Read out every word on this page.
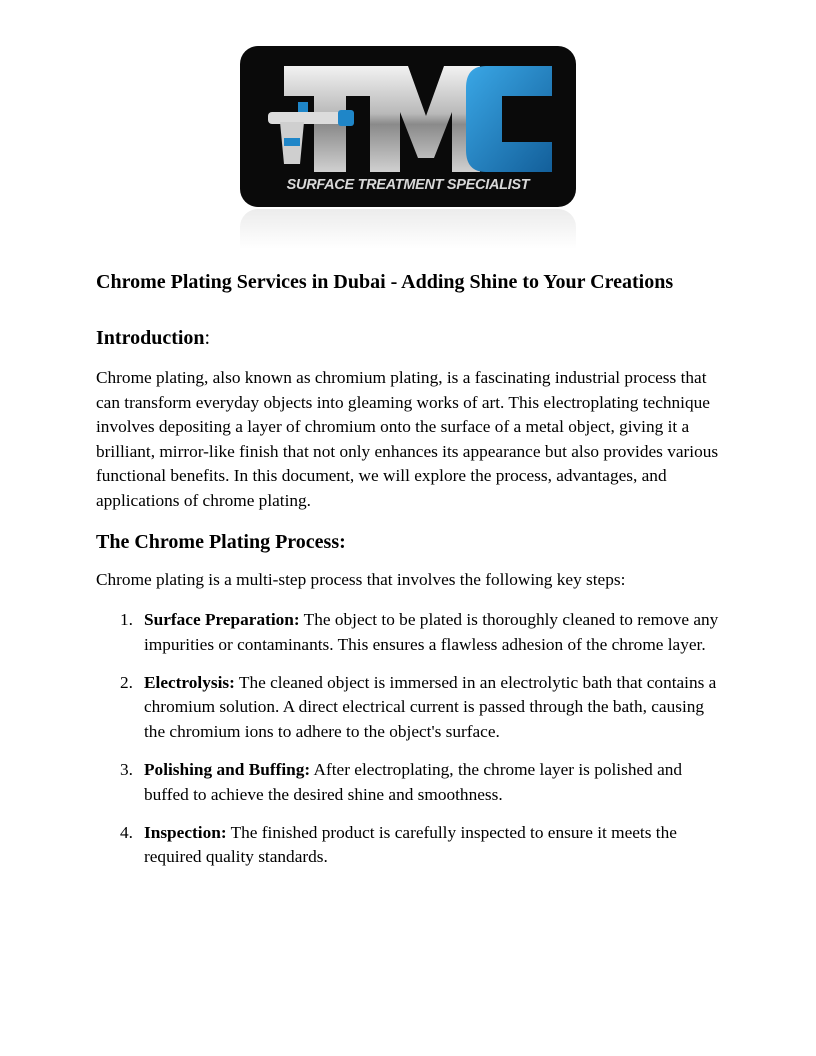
SURFACE TREATMENT SPECIALIST
Chrome Plating Services in Dubai - Adding Shine to Your Creations
Introduction:
Chrome plating, also known as chromium plating, is a fascinating industrial process that can transform everyday objects into gleaming works of art. This electroplating technique involves depositing a layer of chromium onto the surface of a metal object, giving it a brilliant, mirror-like finish that not only enhances its appearance but also provides various functional benefits. In this document, we will explore the process, advantages, and applications of chrome plating.
The Chrome Plating Process:
Chrome plating is a multi-step process that involves the following key steps:
1. Surface Preparation: The object to be plated is thoroughly cleaned to remove any impurities or contaminants. This ensures a flawless adhesion of the chrome layer.
2. Electrolysis: The cleaned object is immersed in an electrolytic bath that contains a chromium solution. A direct electrical current is passed through the bath, causing the chromium ions to adhere to the object's surface.
3. Polishing and Buffing: After electroplating, the chrome layer is polished and buffed to achieve the desired shine and smoothness.
4. Inspection: The finished product is carefully inspected to ensure it meets the required quality standards.
